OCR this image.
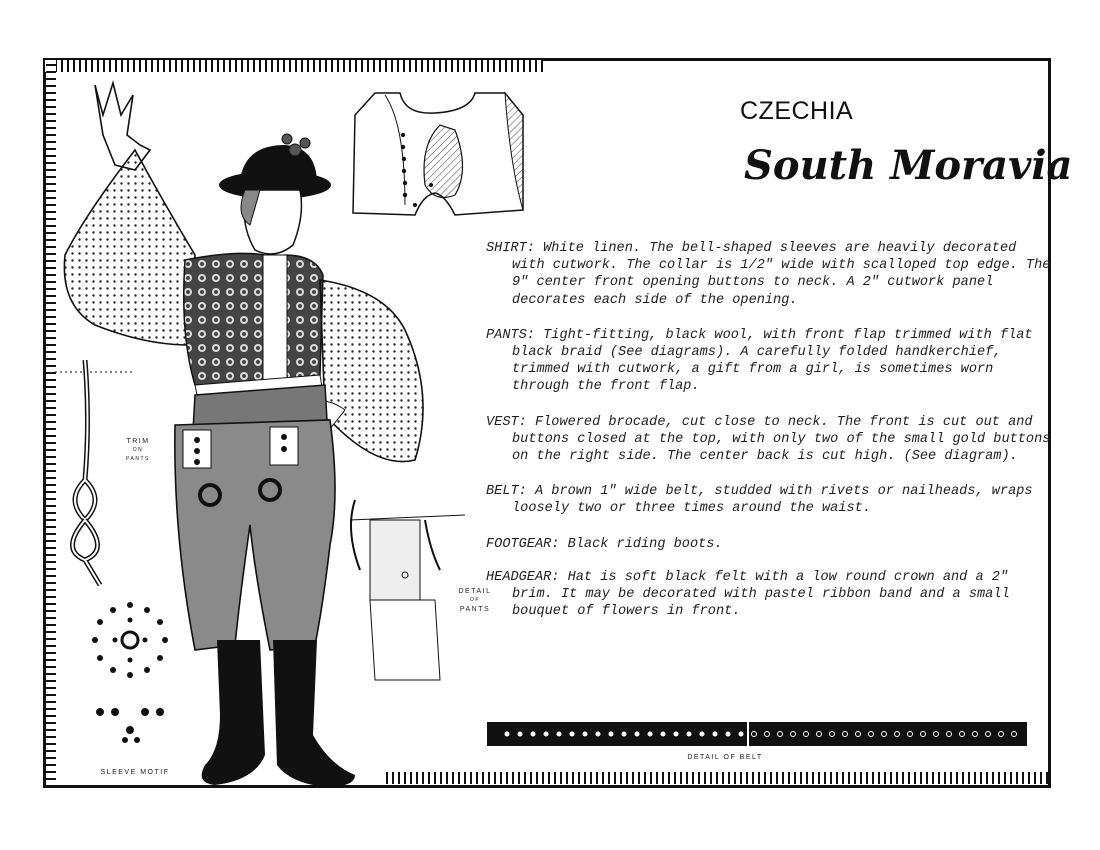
CZECHIA
South Moravia
TRIM
ON
PANTS
SLEEVE MOTIF
DETAIL
OF
PANTS
DETAIL OF BELT

SHIRT: White linen. The bell-shaped sleeves are heavily decorated with cutwork. The collar is 1/2" wide with scalloped top edge. The 9" center front opening buttons to neck. A 2" cutwork panel decorates each side of the opening.

PANTS: Tight-fitting, black wool, with front flap trimmed with flat black braid (See diagrams). A carefully folded handkerchief, trimmed with cutwork, a gift from a girl, is sometimes worn through the front flap.

VEST: Flowered brocade, cut close to neck. The front is cut out and buttons closed at the top, with only two of the small gold buttons on the right side. The center back is cut high. (See diagram).

BELT: A brown 1" wide belt, studded with rivets or nailheads, wraps loosely two or three times around the waist.

FOOTGEAR: Black riding boots.

HEADGEAR: Hat is soft black felt with a low round crown and a 2" brim. It may be decorated with pastel ribbon band and a small bouquet of flowers in front.
